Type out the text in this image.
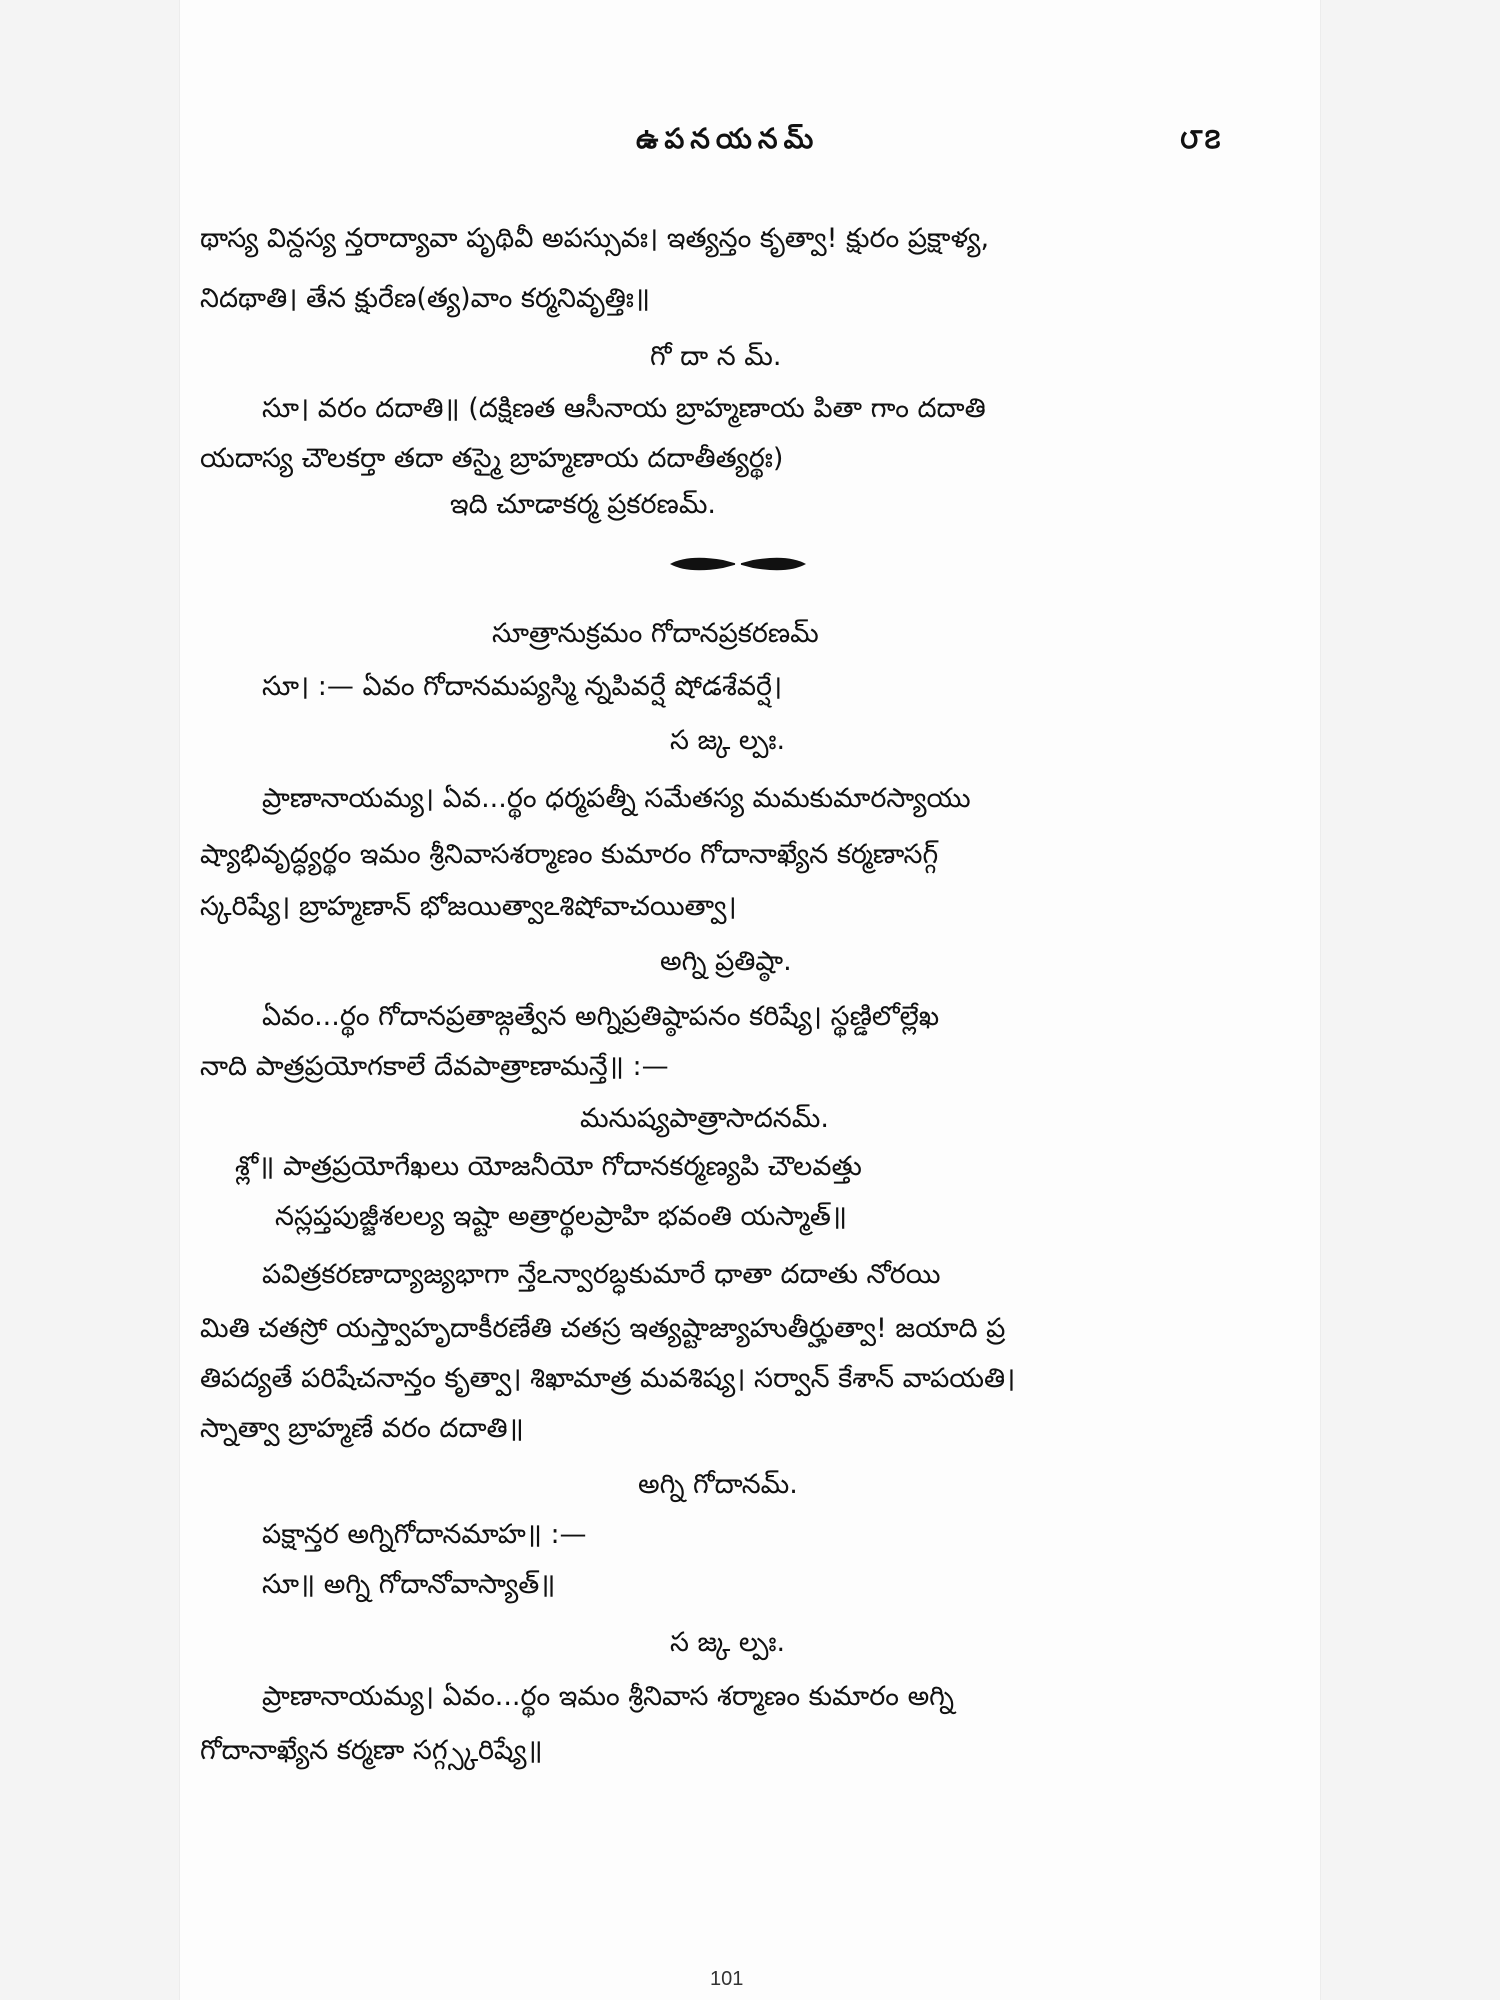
ఉపనయనమ్	౮౭
థాస్య విన్దస్య న్తరాద్యావా పృథివీ అపస్సువః। ఇత్యన్తం కృత్వా! క్షురం ప్రక్షాళ్య,
నిదథాతి। తేన క్షురేణ(త్య)వాం కర్మనివృత్తిః॥
గో దా న మ్.
సూ। వరం దదాతి॥ (దక్షిణత ఆసీనాయ బ్రాహ్మణాయ పితా గాం దదాతి
యదాస్య చౌలకర్తా తదా తస్మై బ్రాహ్మణాయ దదాతీత్యర్థః)
ఇది చూడాకర్మ ప్రకరణమ్.
సూత్రానుక్రమం గోదానప్రకరణమ్
సూ। :— ఏవం గోదానమప్యస్మి న్నపివర్షే షోడశేవర్షే।
స జ్క ల్పః.
ప్రాణానాయమ్య। ఏవ...ర్థం ధర్మపత్నీ సమేతస్య మమకుమారస్యాయు
ష్యాభివృద్ధ్యర్థం ఇమం శ్రీనివాసశర్మాణం కుమారం గోదానాఖ్యేన కర్మణాసగ్గ్
స్కరిష్యే। బ్రాహ్మణాన్ భోజయిత్వాఽశిషోవాచయిత్వా।
అగ్ని ప్రతిష్ఠా.
ఏవం...ర్థం గోదానప్రతాజ్గత్వేన అగ్నిప్రతిష్ఠాపనం కరిష్యే। స్థణ్డిలోల్లేఖ
నాది పాత్రప్రయోగకాలే దేవపాత్రాణామన్తే॥ :—
మనుష్యపాత్రాసాదనమ్.
శ్లో॥ పాత్రప్రయోగేఖలు యోజనీయో గోదానకర్మణ్యపి చౌలవత్తు
నస్లప్తపుజ్జీశలల్య ఇష్టా అత్రార్థలప్రాహి భవంతి యస్మాత్॥
పవిత్రకరణాద్యాజ్యభాగా న్తేఽన్వారబ్ధకుమారే ధాతా దదాతు నోరయి
మితి చతస్రో యస్త్వాహృదాకీరణేతి చతస్ర ఇత్యష్టాజ్యాహుతీర్హుత్వా! జయాది ప్ర
తిపద్యతే పరిషేచనాన్తం కృత్వా। శిఖామాత్ర మవశిష్య। సర్వాన్ కేశాన్ వాపయతి।
స్నాత్వా బ్రాహ్మణే వరం దదాతి॥
అగ్ని గోదానమ్.
పక్షాన్తర అగ్నిగోదానమాహ॥ :—
సూ॥ అగ్ని గోదానోవాస్యాత్॥
స జ్క ల్పః.
ప్రాణానాయమ్య। ఏవం...ర్థం ఇమం శ్రీనివాస శర్మాణం కుమారం అగ్ని
గోదానాఖ్యేన కర్మణా సగ్గ్స్కరిష్యే॥
101
